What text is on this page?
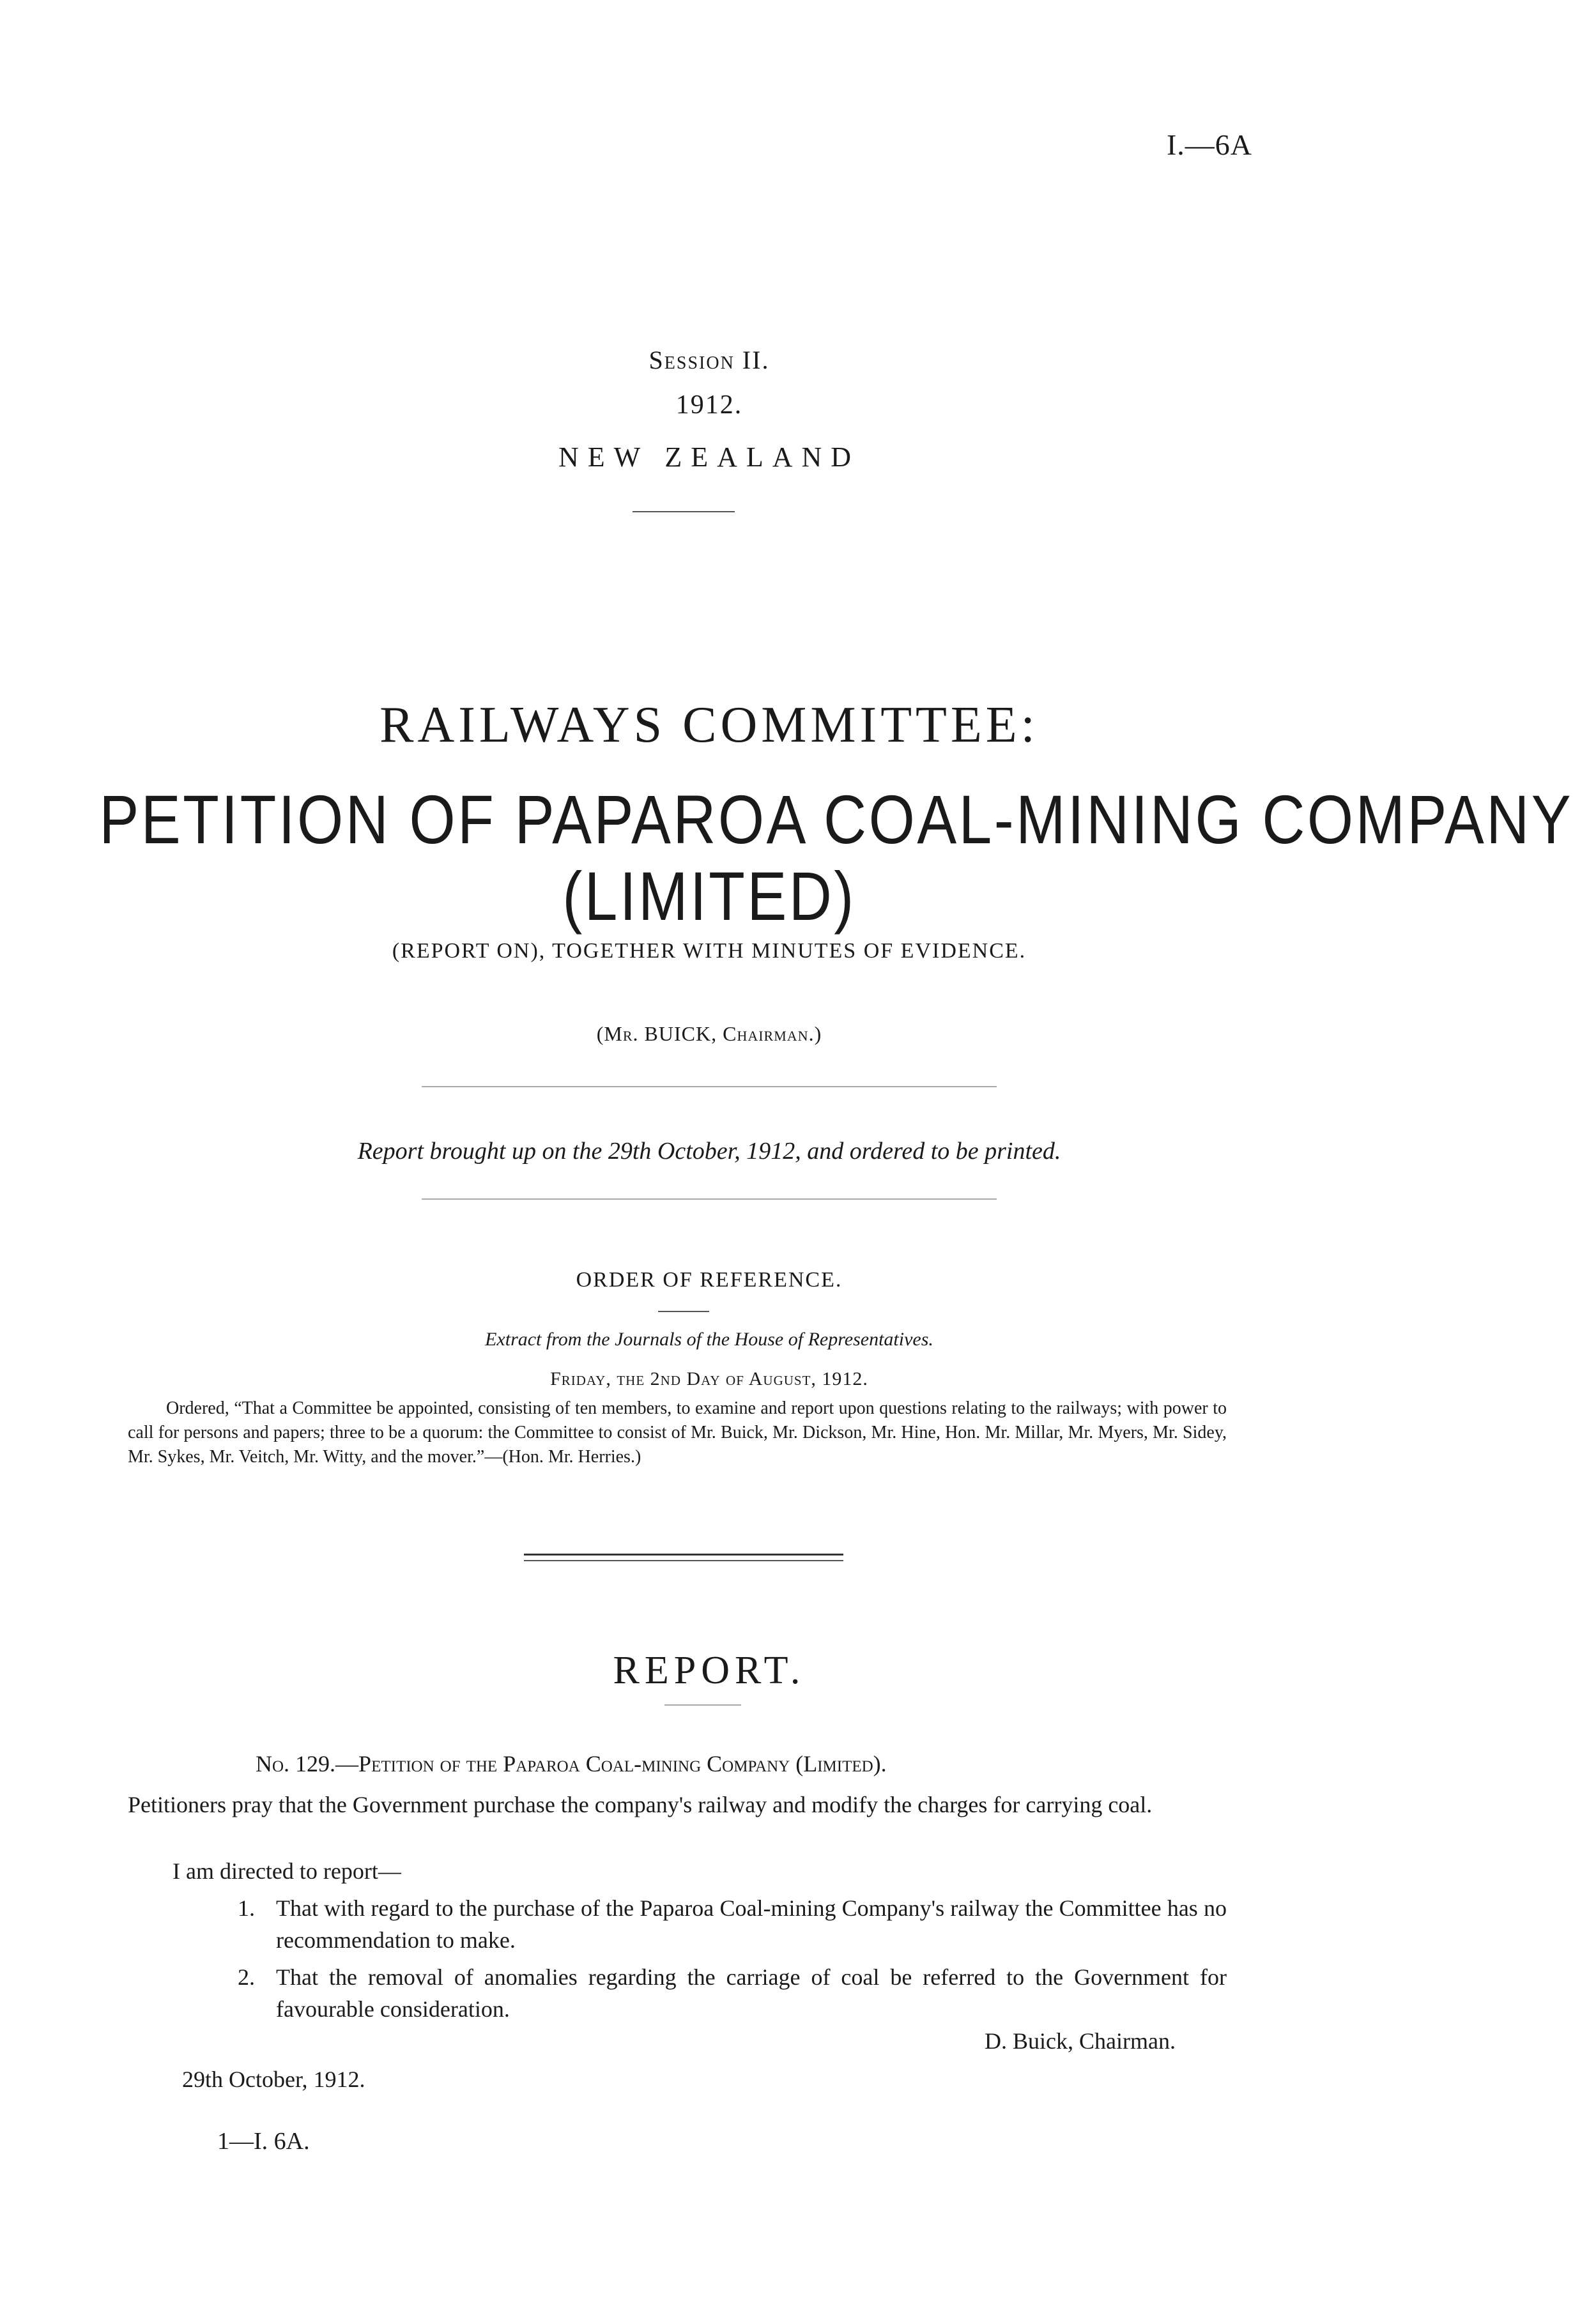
I.—6A
Session II.
1912.
NEW ZEALAND
RAILWAYS COMMITTEE:
PETITION OF PAPAROA COAL-MINING COMPANY
(LIMITED)
(REPORT ON), TOGETHER WITH MINUTES OF EVIDENCE.
(Mr. BUICK, Chairman.)
Report brought up on the 29th October, 1912, and ordered to be printed.
ORDER OF REFERENCE.
Extract from the Journals of the House of Representatives.
Friday, the 2nd Day of August, 1912.
Ordered, “That a Committee be appointed, consisting of ten members, to examine and report upon questions relating to the railways; with power to call for persons and papers; three to be a quorum: the Committee to consist of Mr. Buick, Mr. Dickson, Mr. Hine, Hon. Mr. Millar, Mr. Myers, Mr. Sidey, Mr. Sykes, Mr. Veitch, Mr. Witty, and the mover.”—(Hon. Mr. Herries.)
REPORT.
No. 129.—Petition of the Paparoa Coal-mining Company (Limited).
Petitioners pray that the Government purchase the company's railway and modify the charges for carrying coal.
I am directed to report—
1. That with regard to the purchase of the Paparoa Coal-mining Company's railway the Committee has no recommendation to make.
2. That the removal of anomalies regarding the carriage of coal be referred to the Government for favourable consideration.
D. Buick, Chairman.
29th October, 1912.
1—I. 6A.
